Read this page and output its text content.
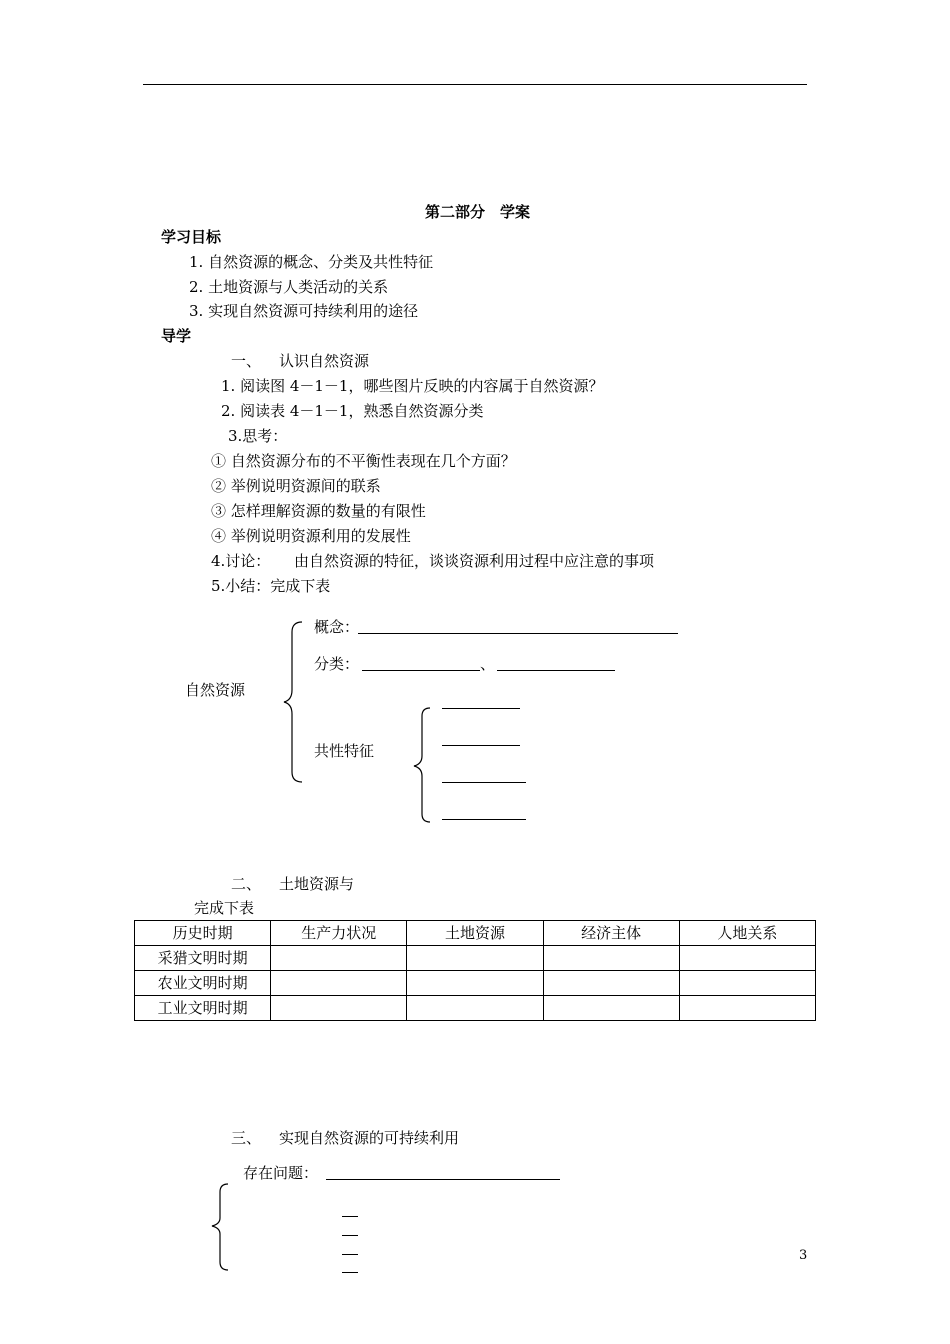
第二部分　学案
学习目标
1. 自然资源的概念、分类及共性特征
2. 土地资源与人类活动的关系
3. 实现自然资源可持续利用的途径
导学
一、 认识自然资源
1. 阅读图 4－1－1，哪些图片反映的内容属于自然资源？
2. 阅读表 4－1－1，熟悉自然资源分类
3.思考：
① 自然资源分布的不平衡性表现在几个方面？
② 举例说明资源间的联系
③ 怎样理解资源的数量的有限性
④ 举例说明资源利用的发展性
4.讨论： 由自然资源的特征，谈谈资源利用过程中应注意的事项
5.小结：完成下表
自然资源
概念：
分类：	、
共性特征
二、 土地资源与
完成下表
历史时期	生产力状况	土地资源	经济主体	人地关系
采猎文明时期				
农业文明时期				
工业文明时期				
三、 实现自然资源的可持续利用
存在问题：
3
